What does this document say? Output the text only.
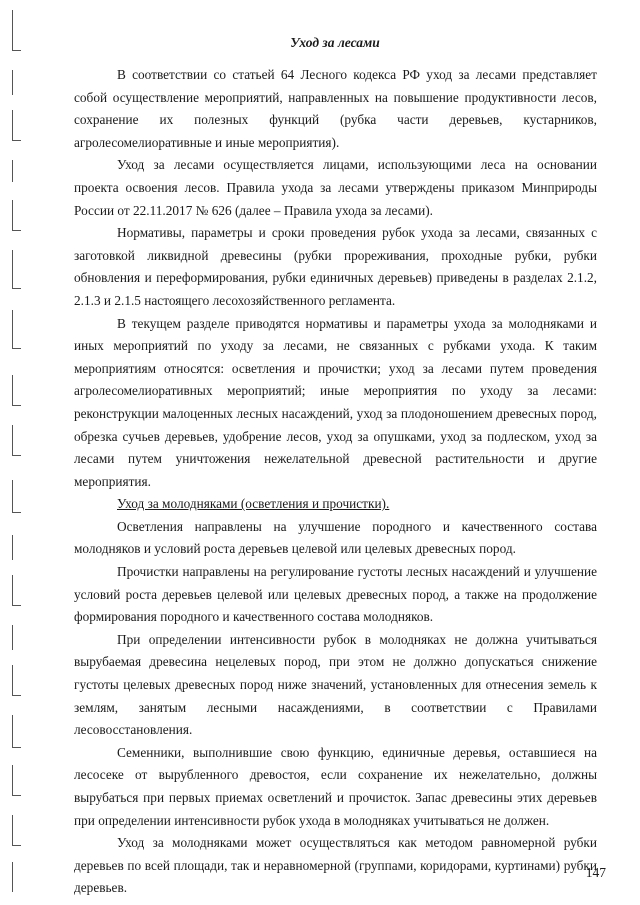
Уход за лесами

В соответствии со статьей 64 Лесного кодекса РФ уход за лесами представляет собой осуществление мероприятий, направленных на повышение продуктивности лесов, сохранение их полезных функций (рубка части деревьев, кустарников, агролесомелиоративные и иные мероприятия).

Уход за лесами осуществляется лицами, использующими леса на основании проекта освоения лесов. Правила ухода за лесами утверждены приказом Минприроды России от 22.11.2017 № 626 (далее – Правила ухода за лесами).

Нормативы, параметры и сроки проведения рубок ухода за лесами, связанных с заготовкой ликвидной древесины (рубки прореживания, проходные рубки, рубки обновления и переформирования, рубки единичных деревьев) приведены в разделах 2.1.2, 2.1.3 и 2.1.5 настоящего лесохозяйственного регламента.

В текущем разделе приводятся нормативы и параметры ухода за молодняками и иных мероприятий по уходу за лесами, не связанных с рубками ухода. К таким мероприятиям относятся: осветления и прочистки; уход за лесами путем проведения агролесомелиоративных мероприятий; иные мероприятия по уходу за лесами: реконструкции малоценных лесных насаждений, уход за плодоношением древесных пород, обрезка сучьев деревьев, удобрение лесов, уход за опушками, уход за подлеском, уход за лесами путем уничтожения нежелательной древесной растительности и другие мероприятия.

Уход за молодняками (осветления и прочистки).

Осветления направлены на улучшение породного и качественного состава молодняков и условий роста деревьев целевой или целевых древесных пород.

Прочистки направлены на регулирование густоты лесных насаждений и улучшение условий роста деревьев целевой или целевых древесных пород, а также на продолжение формирования породного и качественного состава молодняков.

При определении интенсивности рубок в молодняках не должна учитываться вырубаемая древесина нецелевых пород, при этом не должно допускаться снижение густоты целевых древесных пород ниже значений, установленных для отнесения земель к землям, занятым лесными насаждениями, в соответствии с Правилами лесовосстановления.

Семенники, выполнившие свою функцию, единичные деревья, оставшиеся на лесосеке от вырубленного древостоя, если сохранение их нежелательно, должны вырубаться при первых приемах осветлений и прочисток. Запас древесины этих деревьев при определении интенсивности рубок ухода в молодняках учитываться не должен.

Уход за молодняками может осуществляться как методом равномерной рубки деревьев по всей площади, так и неравномерной (группами, коридорами, куртинами) рубки деревьев.

147
